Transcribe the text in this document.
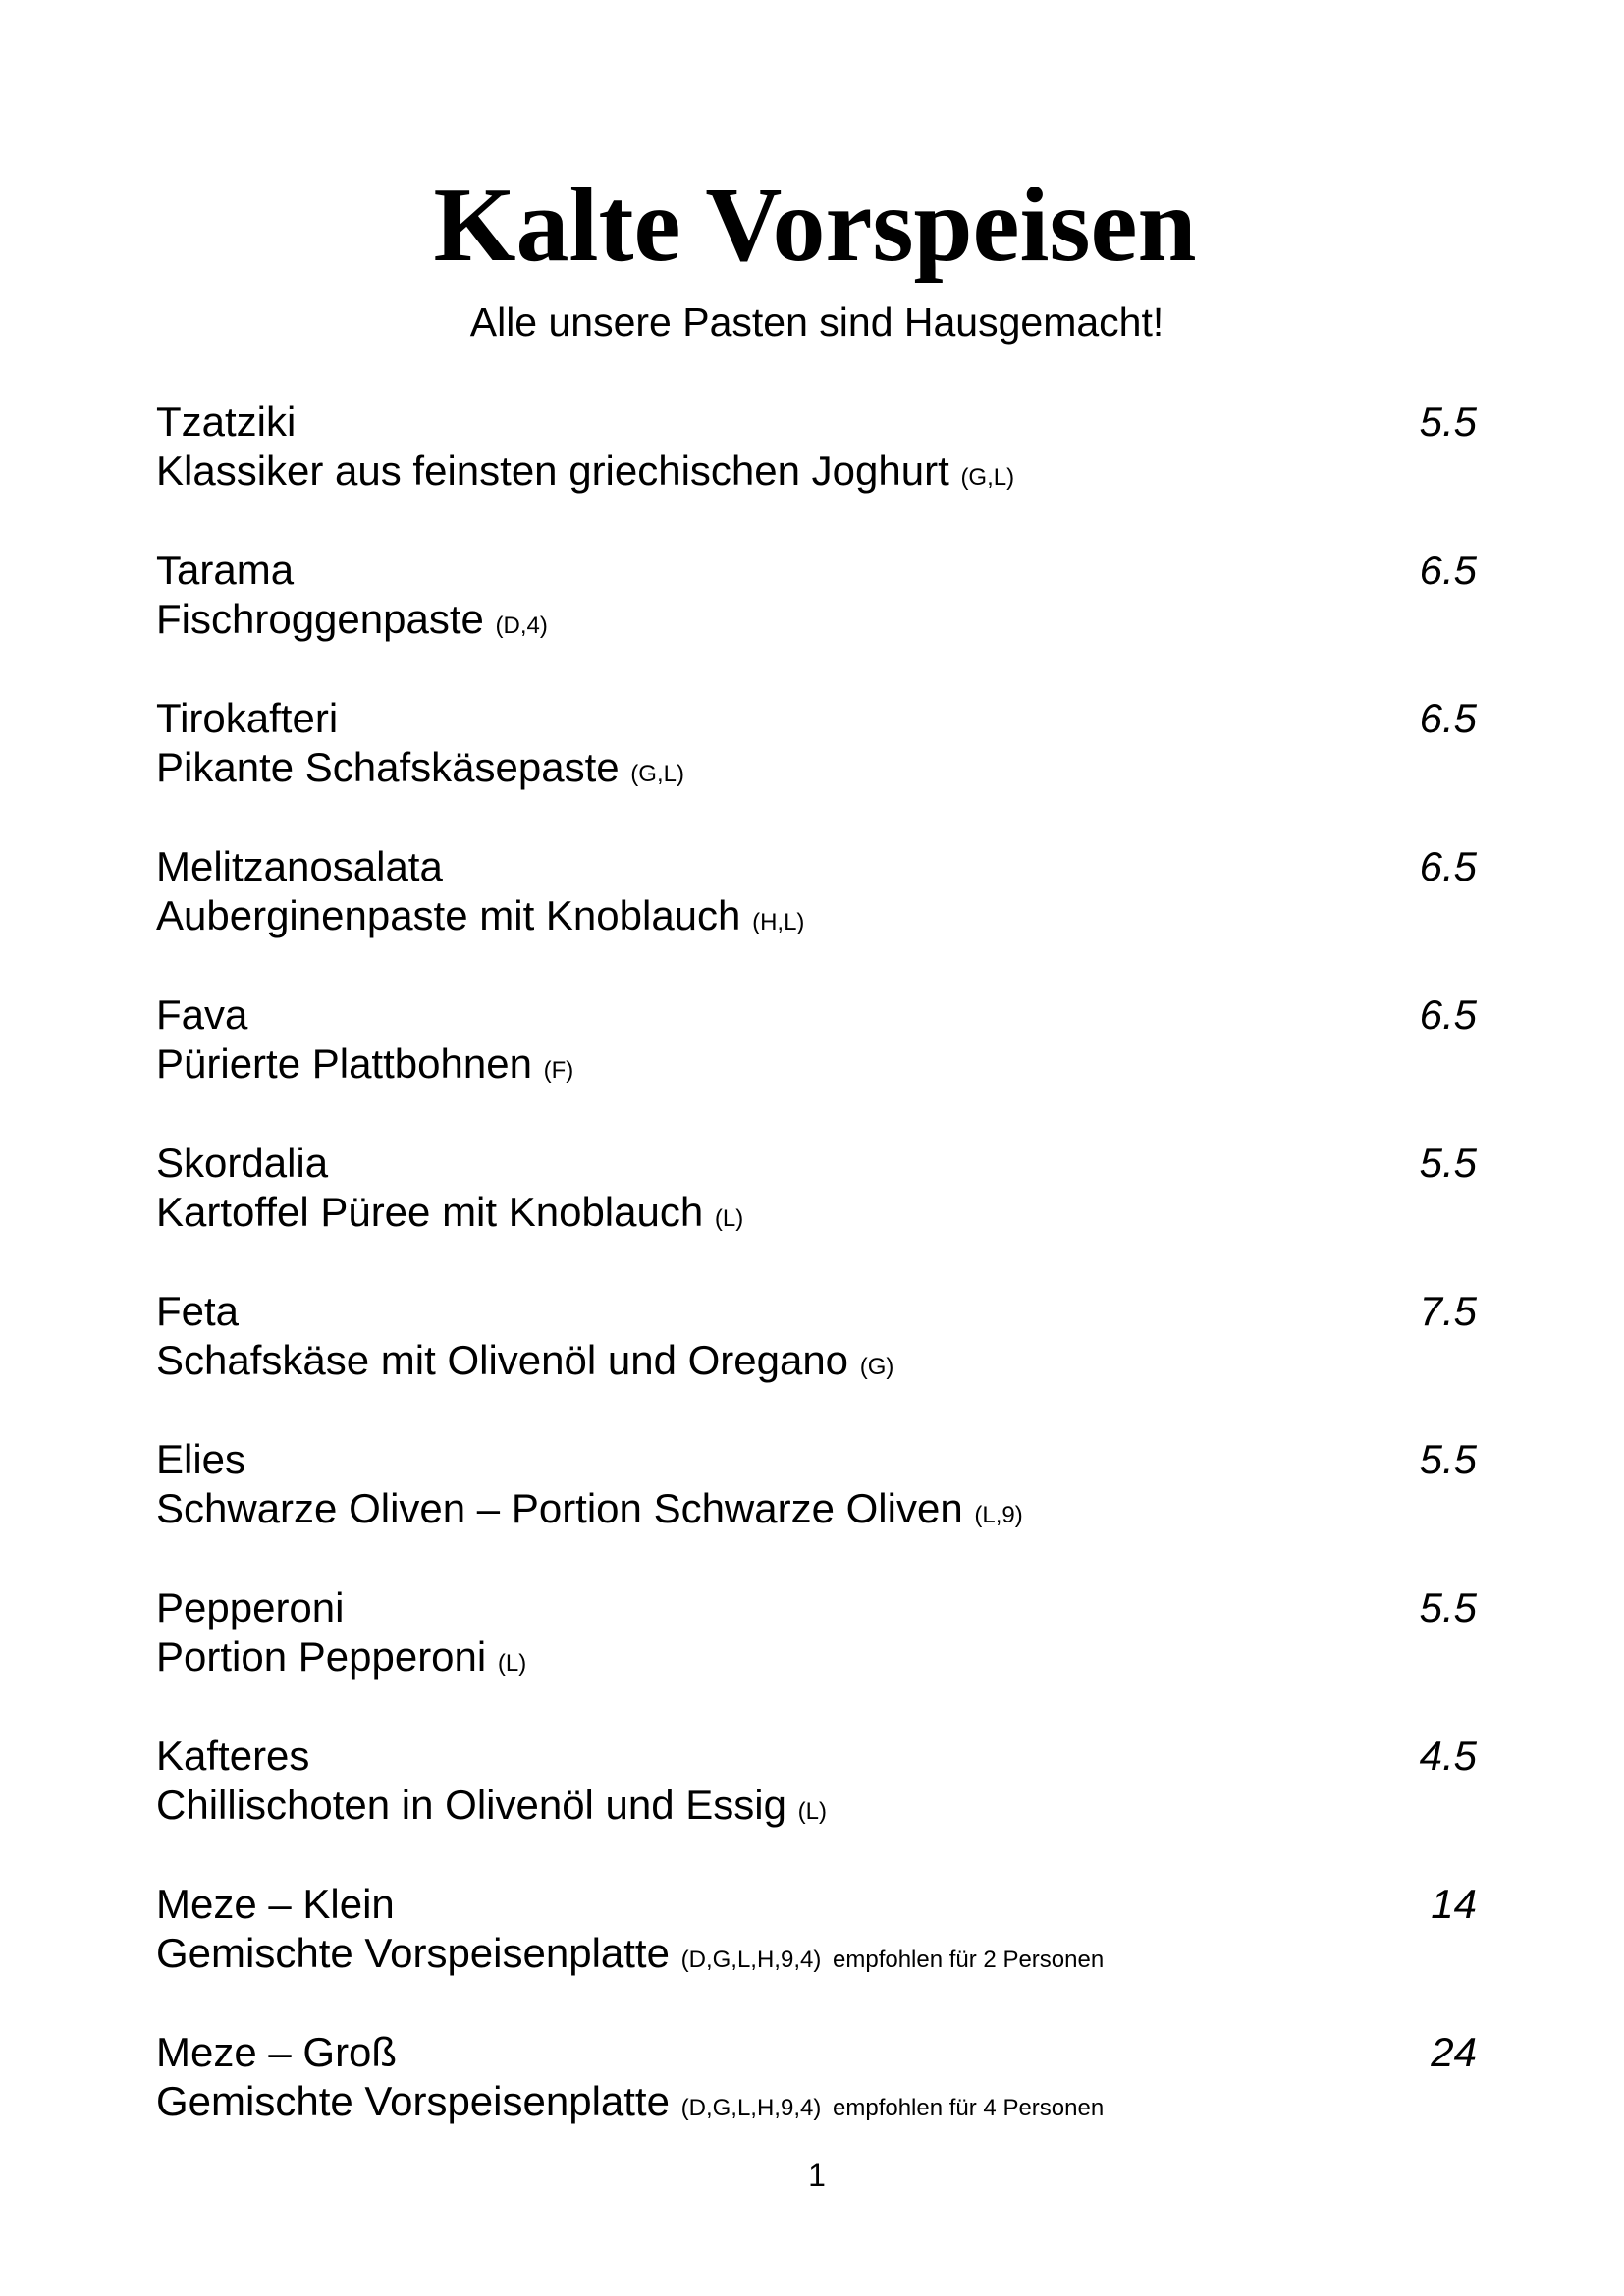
Kalte Vorspeisen
Alle unsere Pasten sind Hausgemacht!
Tzatziki	5.5
Klassiker aus feinsten griechischen Joghurt (G,L)
Tarama	6.5
Fischroggenpaste (D,4)
Tirokafteri	6.5
Pikante Schafskäsepaste (G,L)
Melitzanosalata	6.5
Auberginenpaste mit Knoblauch (H,L)
Fava	6.5
Pürierte Plattbohnen (F)
Skordalia	5.5
Kartoffel Püree mit Knoblauch (L)
Feta	7.5
Schafskäse mit Olivenöl und Oregano (G)
Elies	5.5
Schwarze Oliven – Portion Schwarze Oliven (L,9)
Pepperoni	5.5
Portion Pepperoni (L)
Kafteres	4.5
Chillischoten in Olivenöl und Essig (L)
Meze – Klein	14
Gemischte Vorspeisenplatte (D,G,L,H,9,4) empfohlen für 2 Personen
Meze – Groß	24
Gemischte Vorspeisenplatte (D,G,L,H,9,4) empfohlen für 4 Personen
1
